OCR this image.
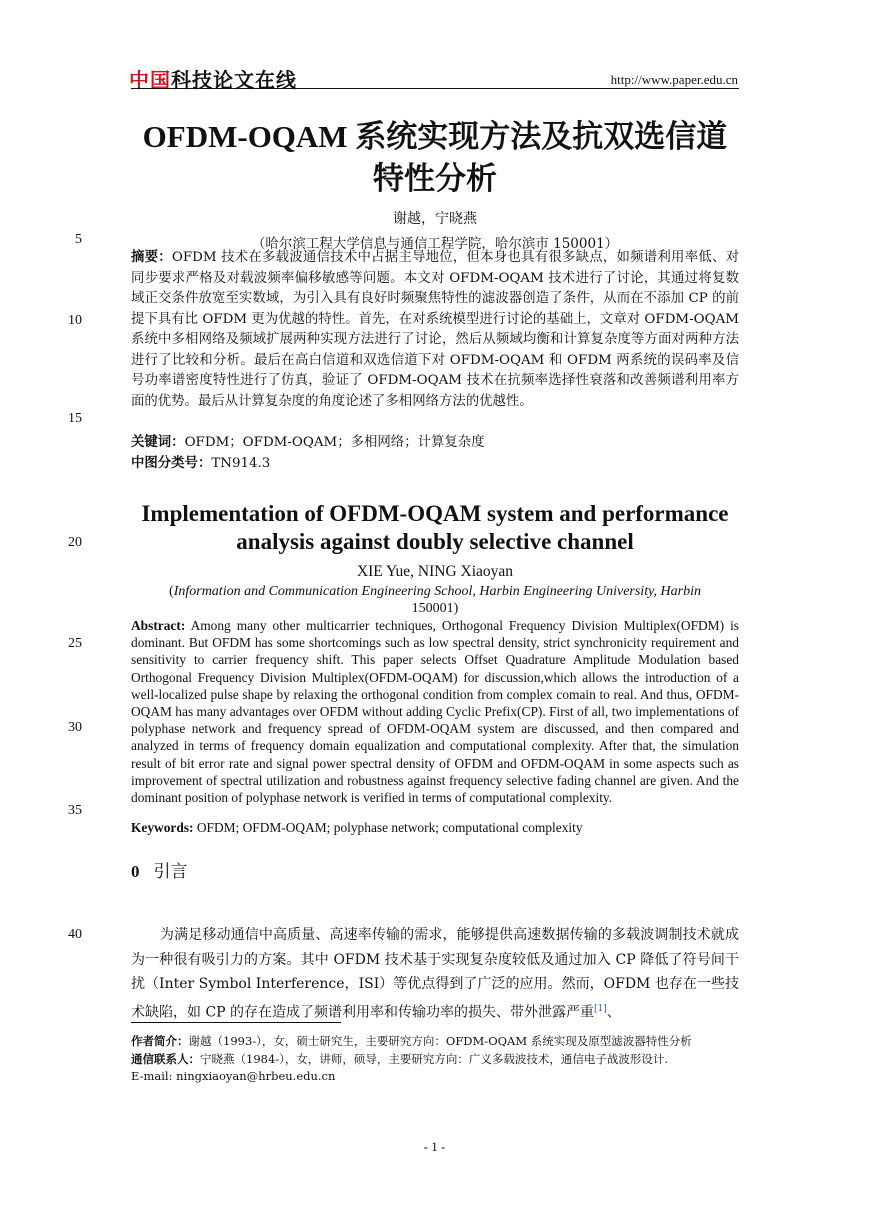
中国科技论文在线	http://www.paper.edu.cn
OFDM-OQAM 系统实现方法及抗双选信道特性分析
谢越，宁晓燕
（哈尔滨工程大学信息与通信工程学院，哈尔滨市 150001）
5
10
15
20
25
30
35
40
摘要：OFDM 技术在多载波通信技术中占据主导地位，但本身也具有很多缺点，如频谱利用率低、对同步要求严格及对载波频率偏移敏感等问题。本文对 OFDM-OQAM 技术进行了讨论，其通过将复数域正交条件放宽至实数域，为引入具有良好时频聚焦特性的滤波器创造了条件，从而在不添加 CP 的前提下具有比 OFDM 更为优越的特性。首先，在对系统模型进行讨论的基础上，文章对 OFDM-OQAM 系统中多相网络及频域扩展两种实现方法进行了讨论，然后从频域均衡和计算复杂度等方面对两种方法进行了比较和分析。最后在高白信道和双选信道下对 OFDM-OQAM 和 OFDM 两系统的误码率及信号功率谱密度特性进行了仿真，验证了 OFDM-OQAM 技术在抗频率选择性衰落和改善频谱利用率方面的优势。最后从计算复杂度的角度论述了多相网络方法的优越性。
关键词：OFDM；OFDM-OQAM；多相网络；计算复杂度
中图分类号：TN914.3
Implementation of OFDM-OQAM system and performance analysis against doubly selective channel
XIE Yue, NING Xiaoyan
(Information and Communication Engineering School, Harbin Engineering University, Harbin
150001)
Abstract: Among many other multicarrier techniques, Orthogonal Frequency Division Multiplex(OFDM) is dominant. But OFDM has some shortcomings such as low spectral density, strict synchronicity requirement and sensitivity to carrier frequency shift. This paper selects Offset Quadrature Amplitude Modulation based Orthogonal Frequency Division Multiplex(OFDM-OQAM) for discussion,which allows the introduction of a well-localized pulse shape by relaxing the orthogonal condition from complex comain to real. And thus, OFDM-OQAM has many advantages over OFDM without adding Cyclic Prefix(CP). First of all, two implementations of polyphase network and frequency spread of OFDM-OQAM system are discussed, and then compared and analyzed in terms of frequency domain equalization and computational complexity. After that, the simulation result of bit error rate and signal power spectral density of OFDM and OFDM-OQAM in some aspects such as improvement of spectral utilization and robustness against frequency selective fading channel are given. And the dominant position of polyphase network is verified in terms of computational complexity.
Keywords: OFDM; OFDM-OQAM; polyphase network; computational complexity
0 引言
为满足移动通信中高质量、高速率传输的需求，能够提供高速数据传输的多载波调制技术就成为一种很有吸引力的方案。其中 OFDM 技术基于实现复杂度较低及通过加入 CP 降低了符号间干扰（Inter Symbol Interference，ISI）等优点得到了广泛的应用。然而，OFDM 也存在一些技术缺陷，如 CP 的存在造成了频谱利用率和传输功率的损失、带外泄露严重[1]、
作者简介：谢越（1993-），女，硕士研究生，主要研究方向：OFDM-OQAM 系统实现及原型滤波器特性分析
通信联系人：宁晓燕（1984-），女，讲师，硕导，主要研究方向：广义多载波技术，通信电子战波形设计.
E-mail: ningxiaoyan@hrbeu.edu.cn
- 1 -
